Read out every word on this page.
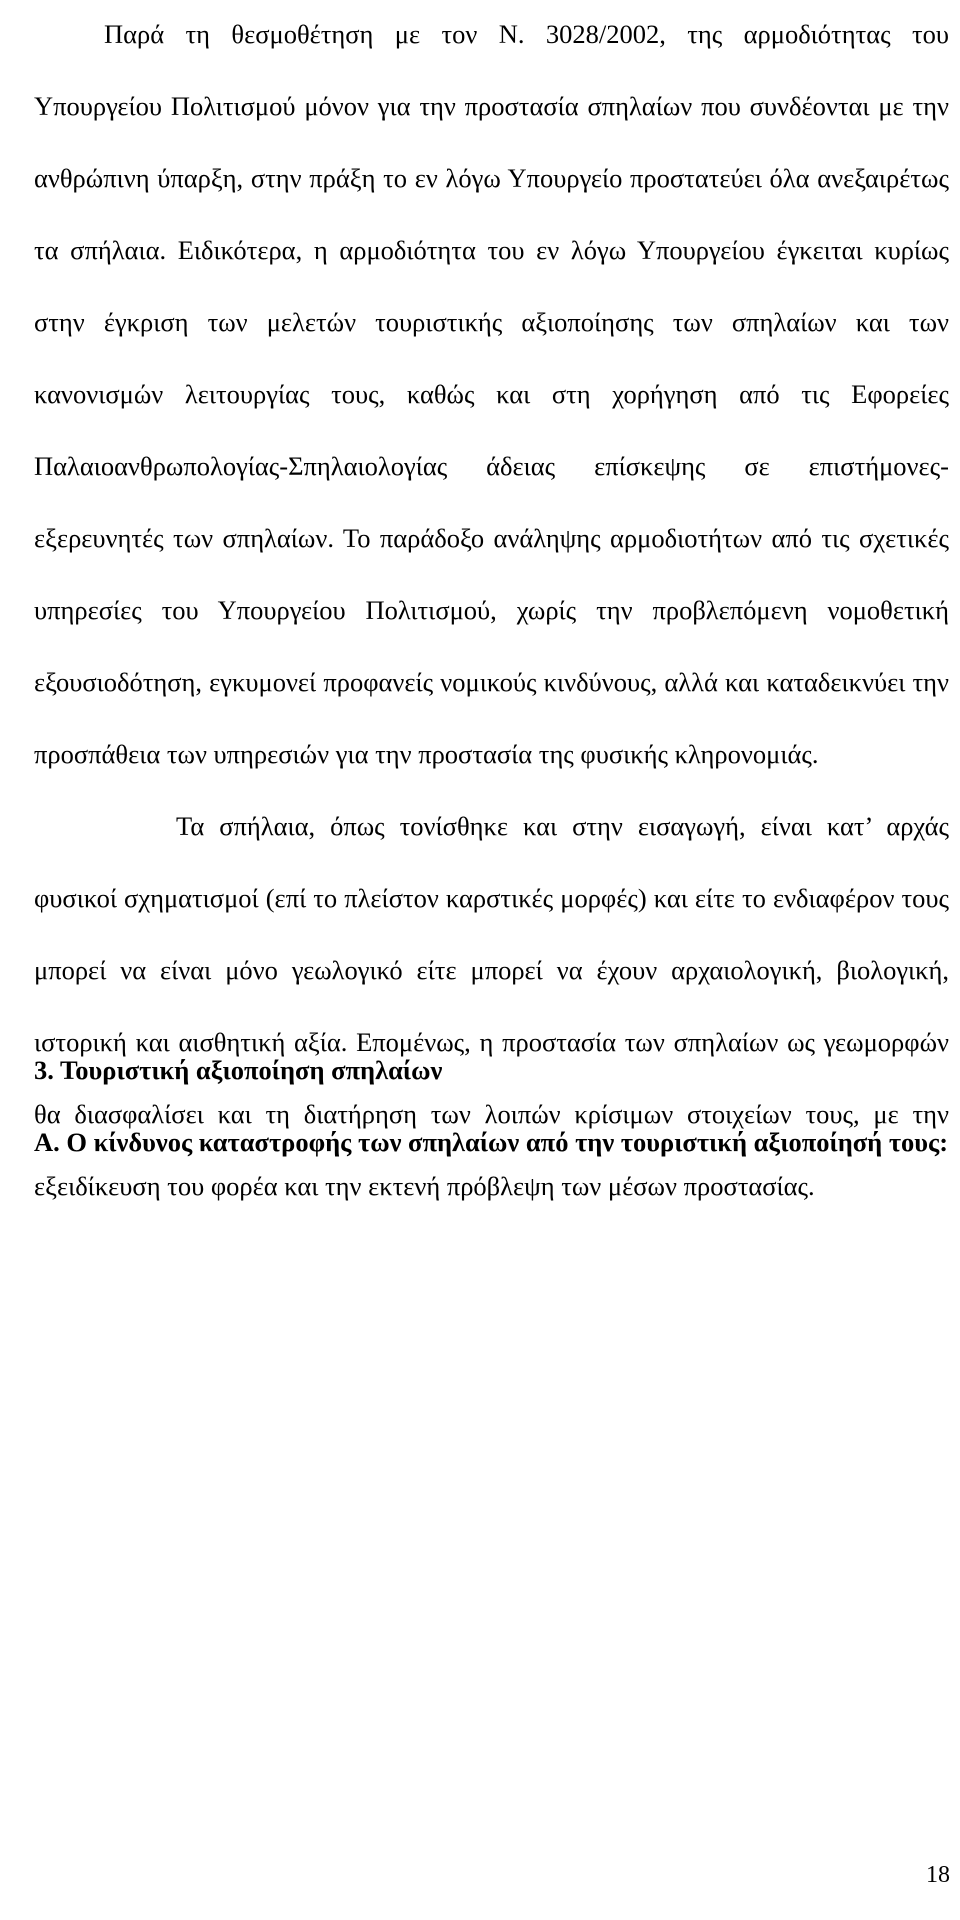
Παρά τη θεσμοθέτηση με τον Ν. 3028/2002, της αρμοδιότητας του Υπουργείου Πολιτισμού μόνον για την προστασία σπηλαίων που συνδέονται με την ανθρώπινη ύπαρξη, στην πράξη το εν λόγω Υπουργείο προστατεύει όλα ανεξαιρέτως τα σπήλαια. Ειδικότερα, η αρμοδιότητα του εν λόγω Υπουργείου έγκειται κυρίως στην έγκριση των μελετών τουριστικής αξιοποίησης των σπηλαίων και των κανονισμών λειτουργίας τους, καθώς και στη χορήγηση από τις Εφορείες Παλαιοανθρωπολογίας-Σπηλαιολογίας άδειας επίσκεψης σε επιστήμονες-εξερευνητές των σπηλαίων. Το παράδοξο ανάληψης αρμοδιοτήτων από τις σχετικές υπηρεσίες του Υπουργείου Πολιτισμού, χωρίς την προβλεπόμενη νομοθετική εξουσιοδότηση, εγκυμονεί προφανείς νομικούς κινδύνους, αλλά και καταδεικνύει την προσπάθεια των υπηρεσιών για την προστασία της φυσικής κληρονομιάς.

Τα σπήλαια, όπως τονίσθηκε και στην εισαγωγή, είναι κατ’ αρχάς φυσικοί σχηματισμοί (επί το πλείστον καρστικές μορφές) και είτε το ενδιαφέρον τους μπορεί να είναι μόνο γεωλογικό είτε μπορεί να έχουν αρχαιολογική, βιολογική, ιστορική και αισθητική αξία. Επομένως, η προστασία των σπηλαίων ως γεωμορφών θα διασφαλίσει και τη διατήρηση των λοιπών κρίσιμων στοιχείων τους, με την εξειδίκευση του φορέα και την εκτενή πρόβλεψη των μέσων προστασίας.

3. Τουριστική αξιοποίηση σπηλαίων
Α. Ο κίνδυνος καταστροφής των σπηλαίων από την τουριστική αξιοποίησή τους:
18
